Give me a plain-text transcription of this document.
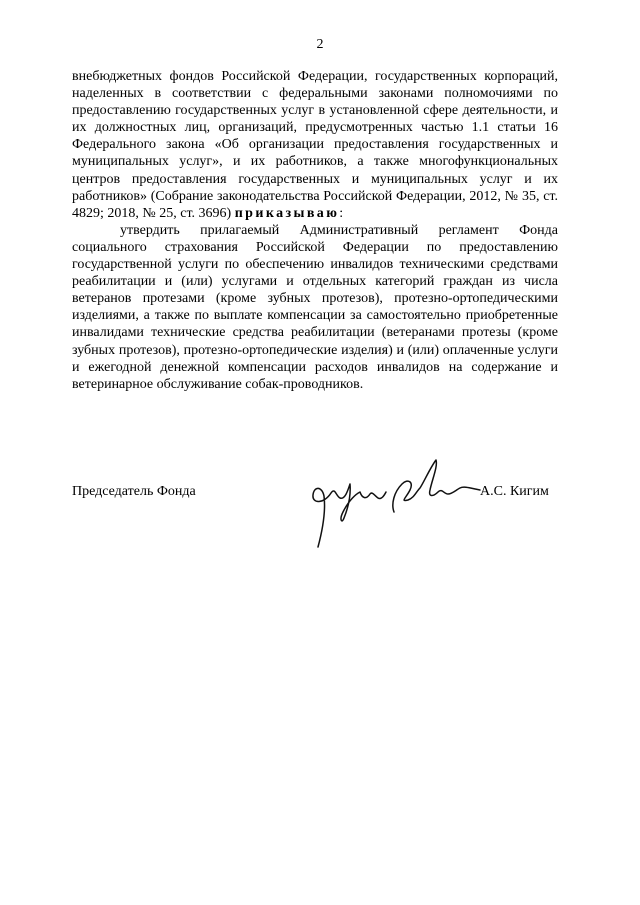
2

внебюджетных фондов Российской Федерации, государственных корпораций, наделенных в соответствии с федеральными законами полномочиями по предоставлению государственных услуг в установленной сфере деятельности, и их должностных лиц, организаций, предусмотренных частью 1.1 статьи 16 Федерального закона «Об организации предоставления государственных и муниципальных услуг», и их работников, а также многофункциональных центров предоставления государственных и муниципальных услуг и их работников» (Собрание законодательства Российской Федерации, 2012, № 35, ст. 4829; 2018, № 25, ст. 3696) приказываю:

утвердить прилагаемый Административный регламент Фонда социального страхования Российской Федерации по предоставлению государственной услуги по обеспечению инвалидов техническими средствами реабилитации и (или) услугами и отдельных категорий граждан из числа ветеранов протезами (кроме зубных протезов), протезно-ортопедическими изделиями, а также по выплате компенсации за самостоятельно приобретенные инвалидами технические средства реабилитации (ветеранами протезы (кроме зубных протезов), протезно-ортопедические изделия) и (или) оплаченные услуги и ежегодной денежной компенсации расходов инвалидов на содержание и ветеринарное обслуживание собак-проводников.

Председатель Фонда	А.С. Кигим
